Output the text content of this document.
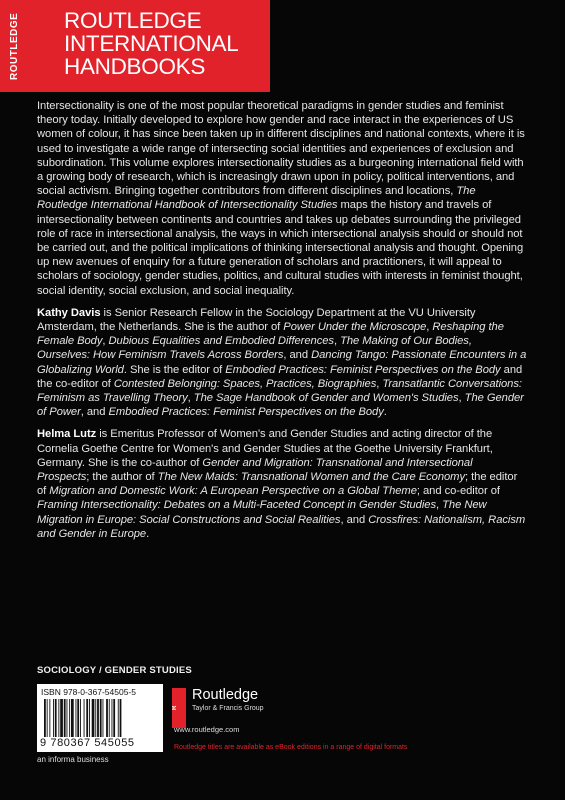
ROUTLEDGE ROUTLEDGE
INTERNATIONAL
HANDBOOKS

Intersectionality is one of the most popular theoretical paradigms in gender studies and feminist theory today. Initially developed to explore how gender and race interact in the experiences of US women of colour, it has since been taken up in different disciplines and national contexts, where it is used to investigate a wide range of intersecting social identities and experiences of exclusion and subordination. This volume explores intersectionality studies as a burgeoning international field with a growing body of research, which is increasingly drawn upon in policy, political interventions, and social activism. Bringing together contributors from different disciplines and locations, The Routledge International Handbook of Intersectionality Studies maps the history and travels of intersectionality between continents and countries and takes up debates surrounding the privileged role of race in intersectional analysis, the ways in which intersectional analysis should or should not be carried out, and the political implications of thinking intersectional analysis and thought. Opening up new avenues of enquiry for a future generation of scholars and practitioners, it will appeal to scholars of sociology, gender studies, politics, and cultural studies with interests in feminist thought, social identity, social exclusion, and social inequality.

Kathy Davis is Senior Research Fellow in the Sociology Department at the VU University Amsterdam, the Netherlands. She is the author of Power Under the Microscope, Reshaping the Female Body, Dubious Equalities and Embodied Differences, The Making of Our Bodies, Ourselves: How Feminism Travels Across Borders, and Dancing Tango: Passionate Encounters in a Globalizing World. She is the editor of Embodied Practices: Feminist Perspectives on the Body and the co-editor of Contested Belonging: Spaces, Practices, Biographies, Transatlantic Conversations: Feminism as Travelling Theory, The Sage Handbook of Gender and Women's Studies, The Gender of Power, and Embodied Practices: Feminist Perspectives on the Body.

Helma Lutz is Emeritus Professor of Women's and Gender Studies and acting director of the Cornelia Goethe Centre for Women's and Gender Studies at the Goethe University Frankfurt, Germany. She is the co-author of Gender and Migration: Transnational and Intersectional Prospects; the author of The New Maids: Transnational Women and the Care Economy; the editor of Migration and Domestic Work: A European Perspective on a Global Theme; and co-editor of Framing Intersectionality: Debates on a Multi-Faceted Concept in Gender Studies, The New Migration in Europe: Social Constructions and Social Realities, and Crossfires: Nationalism, Racism and Gender in Europe.

SOCIOLOGY / GENDER STUDIES
ISBN 978-0-367-54505-5
9 780367 545055
an informa business
R
Routledge
Taylor & Francis Group
www.routledge.com
Routledge titles are available as eBook editions in a range of digital formats
